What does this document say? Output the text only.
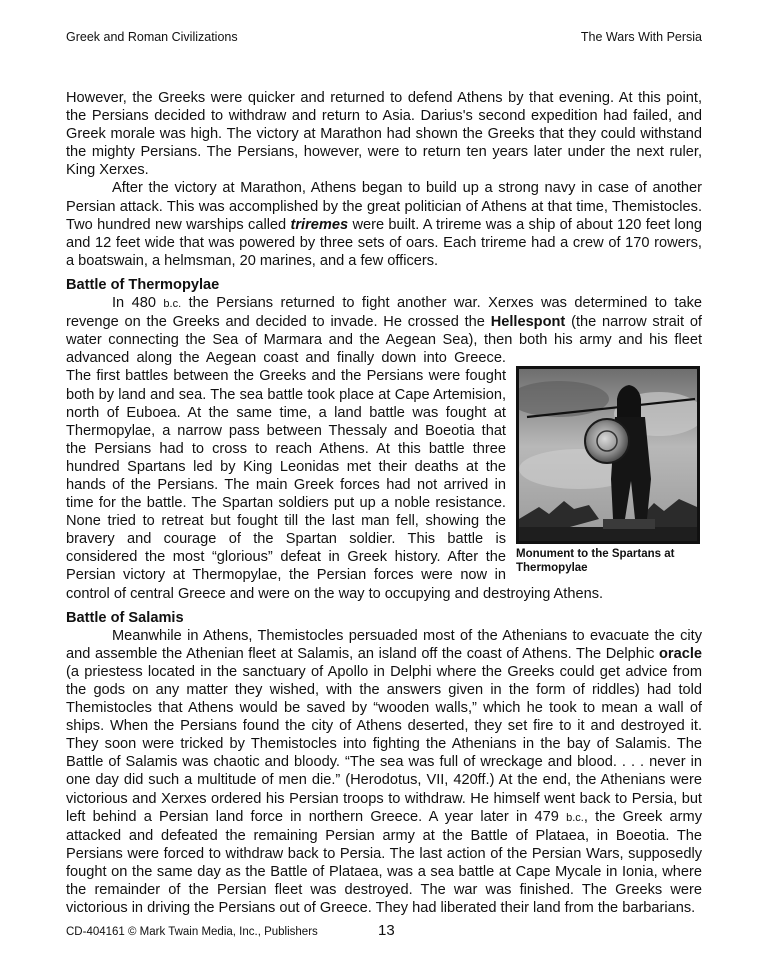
Greek and Roman Civilizations	The Wars With Persia

However, the Greeks were quicker and returned to defend Athens by that evening. At this point, the Persians decided to withdraw and return to Asia. Darius's second expedition had failed, and Greek morale was high. The victory at Marathon had shown the Greeks that they could withstand the mighty Persians. The Persians, however, were to return ten years later under the next ruler, King Xerxes.

After the victory at Marathon, Athens began to build up a strong navy in case of another Persian attack. This was accomplished by the great politician of Athens at that time, Themistocles. Two hundred new warships called triremes were built. A trireme was a ship of about 120 feet long and 12 feet wide that was powered by three sets of oars. Each trireme had a crew of 170 rowers, a boatswain, a helmsman, 20 marines, and a few officers.

Battle of Thermopylae

In 480 b.c. the Persians returned to fight another war. Xerxes was determined to take revenge on the Greeks and decided to invade. He crossed the Hellespont (the narrow strait of water connecting the Sea of Marmara and the Aegean Sea), then both his army and his fleet advanced along the Aegean coast and finally down into Greece. The first battles between the Greeks and the Persians were fought both by land and sea. The sea battle took place at Cape Artemision, north of Euboea. At the same time, a land battle was fought at Thermopylae, a narrow pass between Thessaly and Boeotia that the Persians had to cross to reach Athens. At this battle three hundred Spartans led by King Leonidas met their deaths at the hands of the Persians. The main Greek forces had not arrived in time for the battle. The Spartan soldiers put up a noble resistance. None tried to retreat but fought till the last man fell, showing the bravery and courage of the Spartan soldier. This battle is considered the most “glorious” defeat in Greek history. After the Persian victory at Thermopylae, the Persian forces were now in control of central Greece and were on the way to occupying and destroying Athens.

Battle of Salamis

Meanwhile in Athens, Themistocles persuaded most of the Athenians to evacuate the city and assemble the Athenian fleet at Salamis, an island off the coast of Athens. The Delphic oracle (a priestess located in the sanctuary of Apollo in Delphi where the Greeks could get advice from the gods on any matter they wished, with the answers given in the form of riddles) had told Themistocles that Athens would be saved by “wooden walls,” which he took to mean a wall of ships. When the Persians found the city of Athens deserted, they set fire to it and destroyed it. They soon were tricked by Themistocles into fighting the Athenians in the bay of Salamis. The Battle of Salamis was chaotic and bloody. “The sea was full of wreckage and blood. . . . never in one day did such a multitude of men die.” (Herodotus, VII, 420ff.) At the end, the Athenians were victorious and Xerxes ordered his Persian troops to withdraw. He himself went back to Persia, but left behind a Persian land force in northern Greece. A year later in 479 b.c., the Greek army attacked and defeated the remaining Persian army at the Battle of Plataea, in Boeotia. The Persians were forced to withdraw back to Persia. The last action of the Persian Wars, supposedly fought on the same day as the Battle of Plataea, was a sea battle at Cape Mycale in Ionia, where the remainder of the Persian fleet was destroyed. The war was finished. The Greeks were victorious in driving the Persians out of Greece. They had liberated their land from the barbarians.

Monument to the Spartans at Thermopylae
CD-404161 © Mark Twain Media, Inc., Publishers	13
